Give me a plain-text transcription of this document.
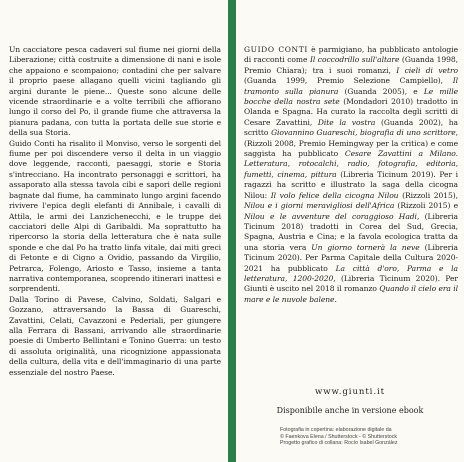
Un cacciatore pesca cadaveri sul fiume nei giorni della Liberazione; città costruite a dimensione di nani e isole che appaiono e scompaiono; contadini che per salvare il proprio paese allagano quelli vicini tagliando gli argini durante le piene... Queste sono alcune delle vicende straordinarie e a volte terribili che affiorano lungo il corso del Po, il grande fiume che attraversa la pianura padana, con tutta la portata delle sue storie e della sua Storia.

Guido Conti ha risalito il Monviso, verso le sorgenti del fiume per poi discendere verso il delta in un viaggio dove leggende, racconti, paesaggi, storie e Storia s'intrecciano. Ha incontrato personaggi e scrittori, ha assaporato alla stessa tavola cibi e sapori delle regioni bagnate dal fiume, ha camminato lungo argini facendo rivivere l'epica degli elefanti di Annibale, i cavalli di Attila, le armi dei Lanzichenecchi, e le truppe dei cacciatori delle Alpi di Garibaldi. Ma soprattutto ha ripercorso la storia della letteratura che è nata sulle sponde e che dal Po ha tratto linfa vitale, dai miti greci di Fetonte e di Cigno a Ovidio, passando da Virgilio, Petrarca, Folengo, Ariosto e Tasso, insieme a tanta narrativa contemporanea, scoprendo itinerari inattesi e sorprendenti.

Dalla Torino di Pavese, Calvino, Soldati, Salgari e Gozzano, attraversando la Bassa di Guareschi, Zavattini, Celati, Cavazzoni e Pederiali, per giungere alla Ferrara di Bassani, arrivando alle straordinarie poesie di Umberto Bellintani e Tonino Guerra: un testo di assoluta originalità, una ricognizione appassionata della cultura, della vita e dell'immaginario di una parte essenziale del nostro Paese.

GUIDO CONTI è parmigiano, ha pubblicato antologie di racconti come Il coccodrillo sull'altare (Guanda 1998, Premio Chiara); tra i suoi romanzi, I cieli di vetro (Guanda 1999, Premio Selezione Campiello), Il tramonto sulla pianura (Guanda 2005), e Le mille bocche della nostra sete (Mondadori 2010) tradotto in Olanda e Spagna. Ha curato la raccolta degli scritti di Cesare Zavattini, Dite la vostra (Guanda 2002), ha scritto Giovannino Guareschi, biografia di uno scrittore, (Rizzoli 2008, Premio Hemingway per la critica) e come saggista ha pubblicato Cesare Zavattini a Milano. Letteratura, rotocalchi, radio, fotografia, editoria, fumetti, cinema, pittura (Libreria Ticinum 2019). Per i ragazzi ha scritto e illustrato la saga della cicogna Nilou: Il volo felice della cicogna Nilou (Rizzoli 2015), Nilou e i giorni meravigliosi dell'Africa (Rizzoli 2015) e Nilou e le avventure del coraggioso Hadi, (Libreria Ticinum 2018) tradotti in Corea del Sud, Grecia, Spagna, Austria e Cina; e la favola ecologica tratta da una storia vera Un giorno tornerà la neve (Libreria Ticinum 2020). Per Parma Capitale della Cultura 2020-2021 ha pubblicato La città d'oro, Parma e la letteratura, 1200-2020, (Libreria Ticinum 2020). Per Giunti è uscito nel 2018 il romanzo Quando il cielo era il mare e le nuvole balene.

www.giunti.it
Disponibile anche in versione ebook
Fotografia in copertina: elaborazione digitale da
© Faenkova Elena / Shutterstock - © Shutterstock
Progetto grafico di collana: Rocío Isabel González
